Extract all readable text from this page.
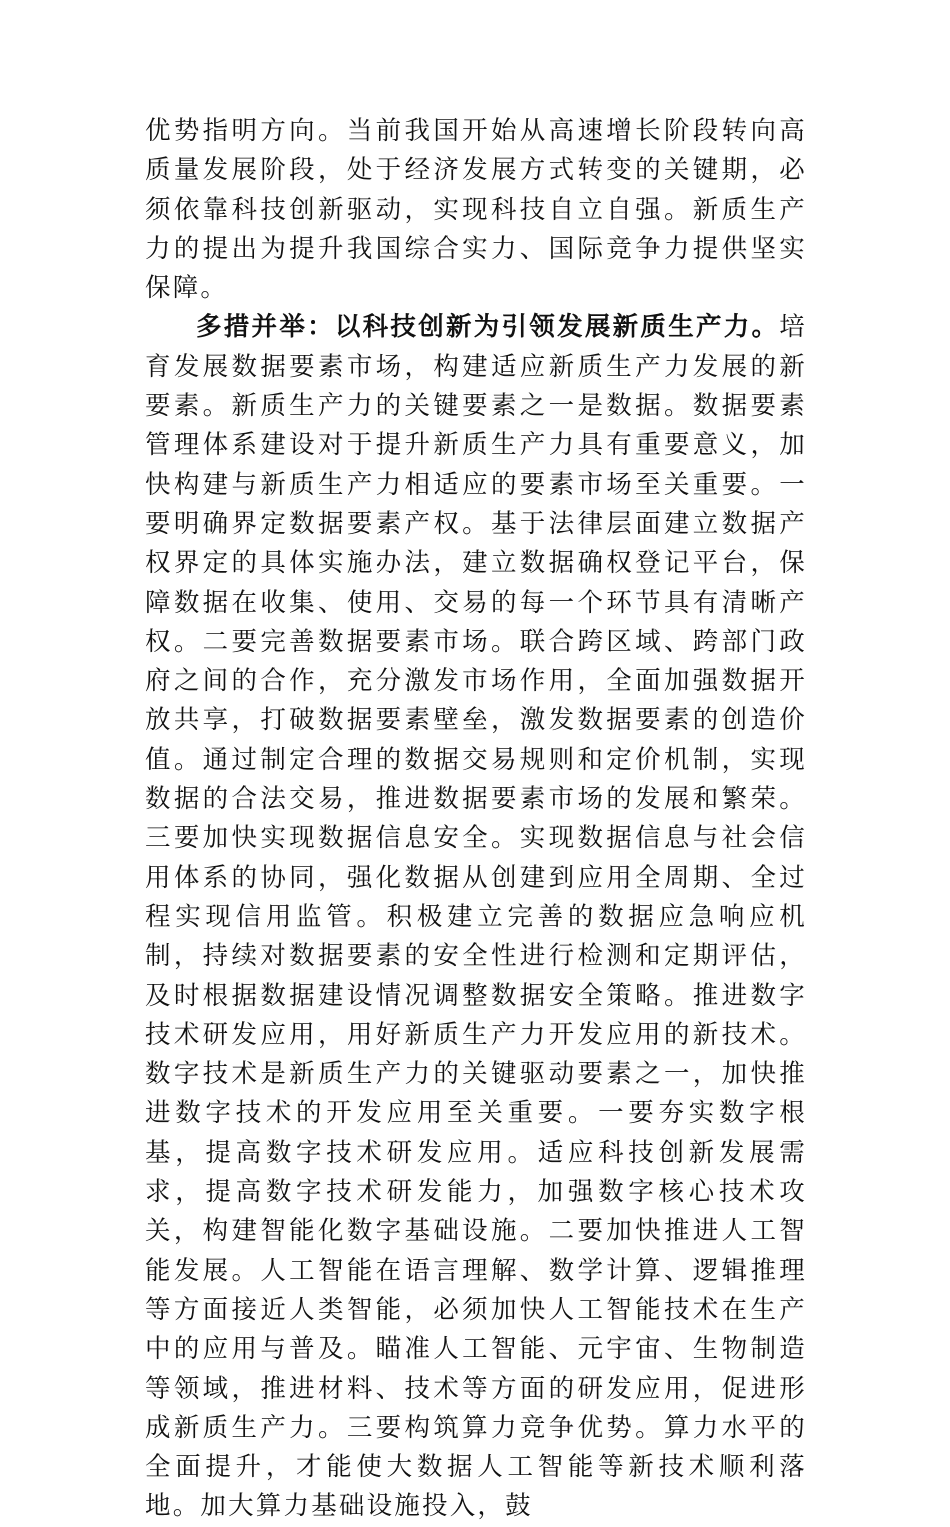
优势指明方向。当前我国开始从高速增长阶段转向高质量发展阶段，处于经济发展方式转变的关键期，必须依靠科技创新驱动，实现科技自立自强。新质生产力的提出为提升我国综合实力、国际竞争力提供坚实保障。

多措并举：以科技创新为引领发展新质生产力。培育发展数据要素市场，构建适应新质生产力发展的新要素。新质生产力的关键要素之一是数据。数据要素管理体系建设对于提升新质生产力具有重要意义，加快构建与新质生产力相适应的要素市场至关重要。一要明确界定数据要素产权。基于法律层面建立数据产权界定的具体实施办法，建立数据确权登记平台，保障数据在收集、使用、交易的每一个环节具有清晰产权。二要完善数据要素市场。联合跨区域、跨部门政府之间的合作，充分激发市场作用，全面加强数据开放共享，打破数据要素壁垒，激发数据要素的创造价值。通过制定合理的数据交易规则和定价机制，实现数据的合法交易，推进数据要素市场的发展和繁荣。三要加快实现数据信息安全。实现数据信息与社会信用体系的协同，强化数据从创建到应用全周期、全过程实现信用监管。积极建立完善的数据应急响应机制，持续对数据要素的安全性进行检测和定期评估，及时根据数据建设情况调整数据安全策略。推进数字技术研发应用，用好新质生产力开发应用的新技术。数字技术是新质生产力的关键驱动要素之一，加快推进数字技术的开发应用至关重要。一要夯实数字根基，提高数字技术研发应用。适应科技创新发展需求，提高数字技术研发能力，加强数字核心技术攻关，构建智能化数字基础设施。二要加快推进人工智能发展。人工智能在语言理解、数学计算、逻辑推理等方面接近人类智能，必须加快人工智能技术在生产中的应用与普及。瞄准人工智能、元宇宙、生物制造等领域，推进材料、技术等方面的研发应用，促进形成新质生产力。三要构筑算力竞争优势。算力水平的全面提升，才能使大数据人工智能等新技术顺利落地。加大算力基础设施投入，鼓
